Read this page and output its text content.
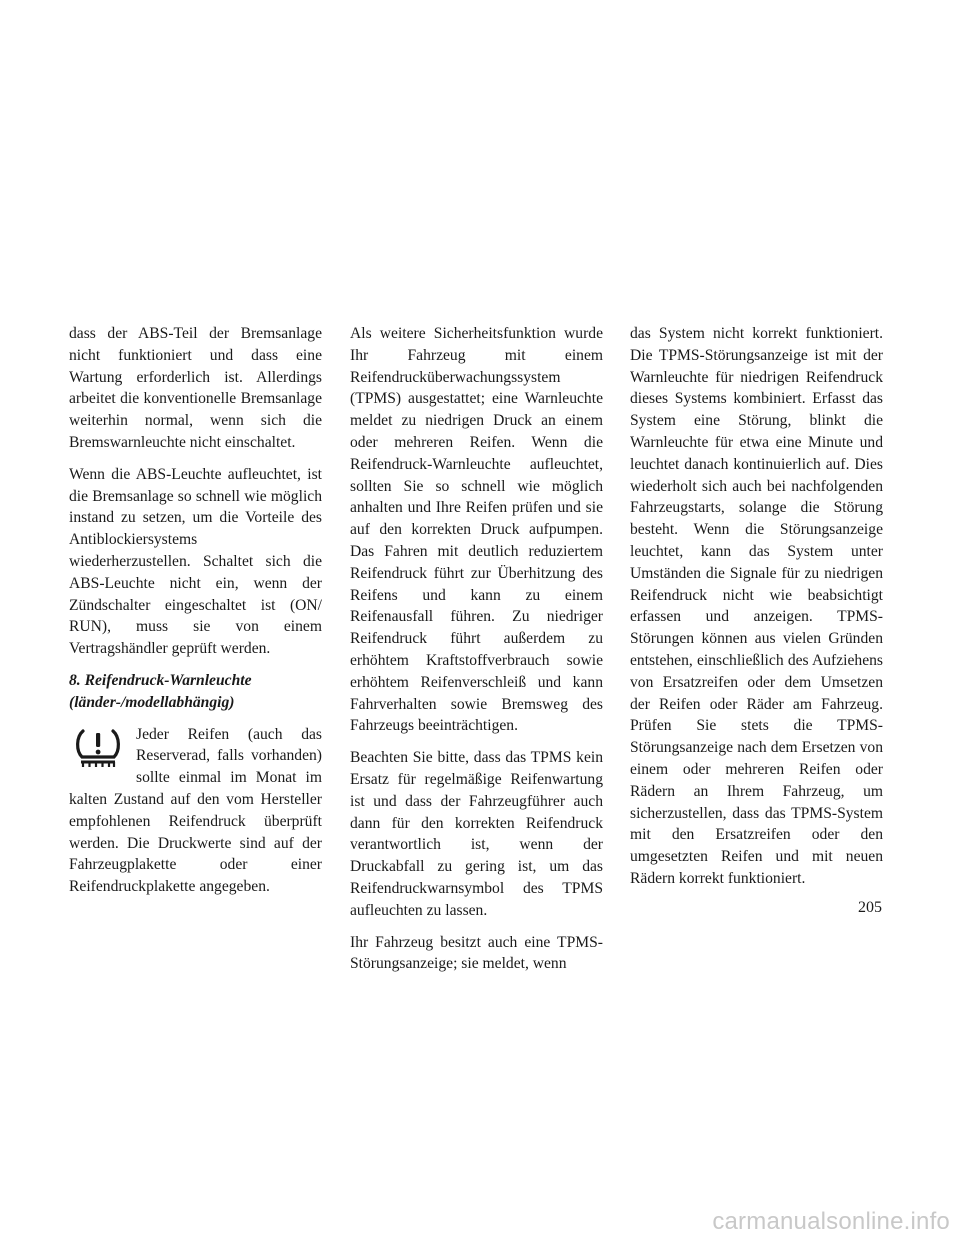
dass der ABS-Teil der Bremsanlage nicht funktioniert und dass eine Wartung erforderlich ist. Allerdings arbeitet die konventionelle Bremsanlage weiterhin normal, wenn sich die Bremswarnleuchte nicht einschaltet.

Wenn die ABS-Leuchte aufleuchtet, ist die Bremsanlage so schnell wie möglich instand zu setzen, um die Vorteile des Antiblockiersystems wiederherzustellen. Schaltet sich die ABS-Leuchte nicht ein, wenn der Zündschalter eingeschaltet ist (ON/ RUN), muss sie von einem Vertragshändler geprüft werden.

8. Reifendruck-Warnleuchte
(länder-/modellabhängig)

Jeder Reifen (auch das Reserverad, falls vorhanden) sollte einmal im Monat im kalten Zustand auf den vom Hersteller empfohlenen Reifendruck überprüft werden. Die Druckwerte sind auf der Fahrzeugplakette oder einer Reifendruckplakette angegeben.

Als weitere Sicherheitsfunktion wurde Ihr Fahrzeug mit einem Reifendrucküberwachungssystem (TPMS) ausgestattet; eine Warnleuchte meldet zu niedrigen Druck an einem oder mehreren Reifen. Wenn die Reifendruck-Warnleuchte aufleuchtet, sollten Sie so schnell wie möglich anhalten und Ihre Reifen prüfen und sie auf den korrekten Druck aufpumpen. Das Fahren mit deutlich reduziertem Reifendruck führt zur Überhitzung des Reifens und kann zu einem Reifenausfall führen. Zu niedriger Reifendruck führt außerdem zu erhöhtem Kraftstoffverbrauch sowie erhöhtem Reifenverschleiß und kann Fahrverhalten sowie Bremsweg des Fahrzeugs beeinträchtigen.

Beachten Sie bitte, dass das TPMS kein Ersatz für regelmäßige Reifenwartung ist und dass der Fahrzeugführer auch dann für den korrekten Reifendruck verantwortlich ist, wenn der Druckabfall zu gering ist, um das Reifendruckwarnsymbol des TPMS aufleuchten zu lassen.

Ihr Fahrzeug besitzt auch eine TPMS-Störungsanzeige; sie meldet, wenn

das System nicht korrekt funktioniert. Die TPMS-Störungsanzeige ist mit der Warnleuchte für niedrigen Reifendruck dieses Systems kombiniert. Erfasst das System eine Störung, blinkt die Warnleuchte für etwa eine Minute und leuchtet danach kontinuierlich auf. Dies wiederholt sich auch bei nachfolgenden Fahrzeugstarts, solange die Störung besteht. Wenn die Störungsanzeige leuchtet, kann das System unter Umständen die Signale für zu niedrigen Reifendruck nicht wie beabsichtigt erfassen und anzeigen. TPMS-Störungen können aus vielen Gründen entstehen, einschließlich des Aufziehens von Ersatzreifen oder dem Umsetzen der Reifen oder Räder am Fahrzeug. Prüfen Sie stets die TPMS-Störungsanzeige nach dem Ersetzen von einem oder mehreren Reifen oder Rädern an Ihrem Fahrzeug, um sicherzustellen, dass das TPMS-System mit den Ersatzreifen oder den umgesetzten Reifen und mit neuen Rädern korrekt funktioniert.

205
carmanualsonline.info
